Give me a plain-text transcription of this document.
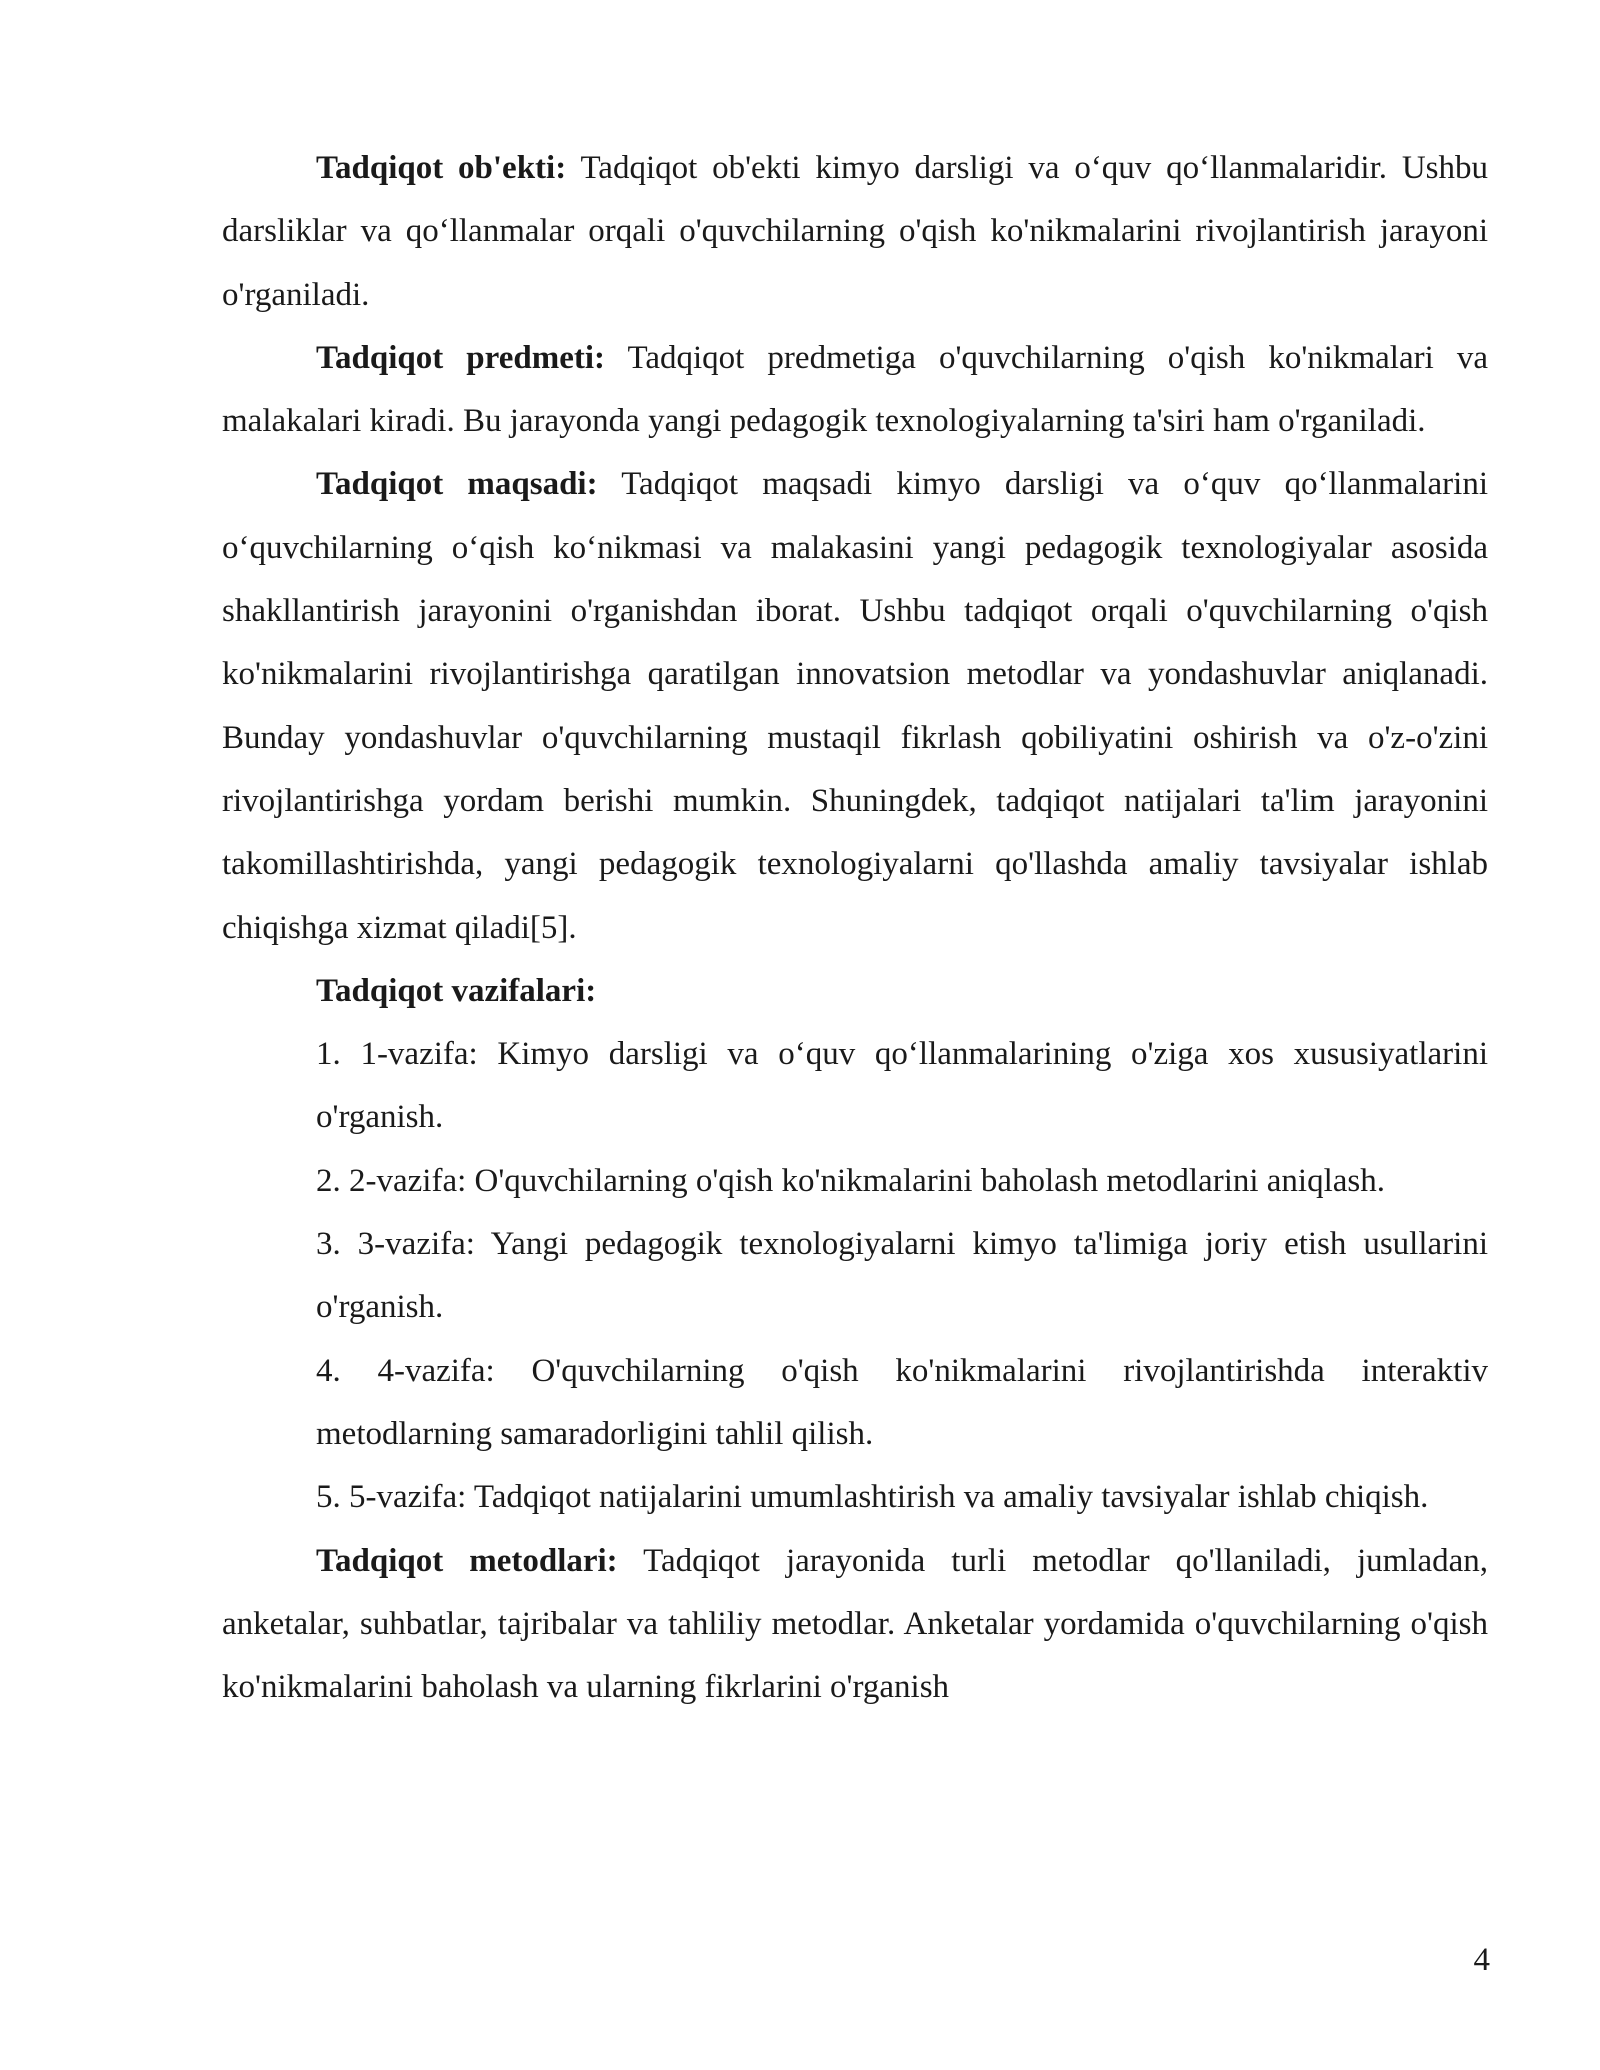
Tadqiqot ob'ekti: Tadqiqot ob'ekti kimyo darsligi va o‘quv qo‘llanmalaridir. Ushbu darsliklar va qo‘llanmalar orqali o'quvchilarning o'qish ko'nikmalarini rivojlantirish jarayoni o'rganiladi.

Tadqiqot predmeti: Tadqiqot predmetiga o'quvchilarning o'qish ko'nikmalari va malakalari kiradi. Bu jarayonda yangi pedagogik texnologiyalarning ta'siri ham o'rganiladi.

Tadqiqot maqsadi: Tadqiqot maqsadi kimyo darsligi va o‘quv qo‘llanmalarini o‘quvchilarning o‘qish ko‘nikmasi va malakasini yangi pedagogik texnologiyalar asosida shakllantirish jarayonini o'rganishdan iborat. Ushbu tadqiqot orqali o'quvchilarning o'qish ko'nikmalarini rivojlantirishga qaratilgan innovatsion metodlar va yondashuvlar aniqlanadi. Bunday yondashuvlar o'quvchilarning mustaqil fikrlash qobiliyatini oshirish va o'z-o'zini rivojlantirishga yordam berishi mumkin. Shuningdek, tadqiqot natijalari ta'lim jarayonini takomillashtirishda, yangi pedagogik texnologiyalarni qo'llashda amaliy tavsiyalar ishlab chiqishga xizmat qiladi[5].

Tadqiqot vazifalari:

1. 1-vazifa: Kimyo darsligi va o‘quv qo‘llanmalarining o'ziga xos xususiyatlarini o'rganish.

2. 2-vazifa: O'quvchilarning o'qish ko'nikmalarini baholash metodlarini aniqlash.

3. 3-vazifa: Yangi pedagogik texnologiyalarni kimyo ta'limiga joriy etish usullarini o'rganish.

4. 4-vazifa: O'quvchilarning o'qish ko'nikmalarini rivojlantirishda interaktiv metodlarning samaradorligini tahlil qilish.

5. 5-vazifa: Tadqiqot natijalarini umumlashtirish va amaliy tavsiyalar ishlab chiqish.

Tadqiqot metodlari: Tadqiqot jarayonida turli metodlar qo'llaniladi, jumladan, anketalar, suhbatlar, tajribalar va tahliliy metodlar. Anketalar yordamida o'quvchilarning o'qish ko'nikmalarini baholash va ularning fikrlarini o'rganish

4
